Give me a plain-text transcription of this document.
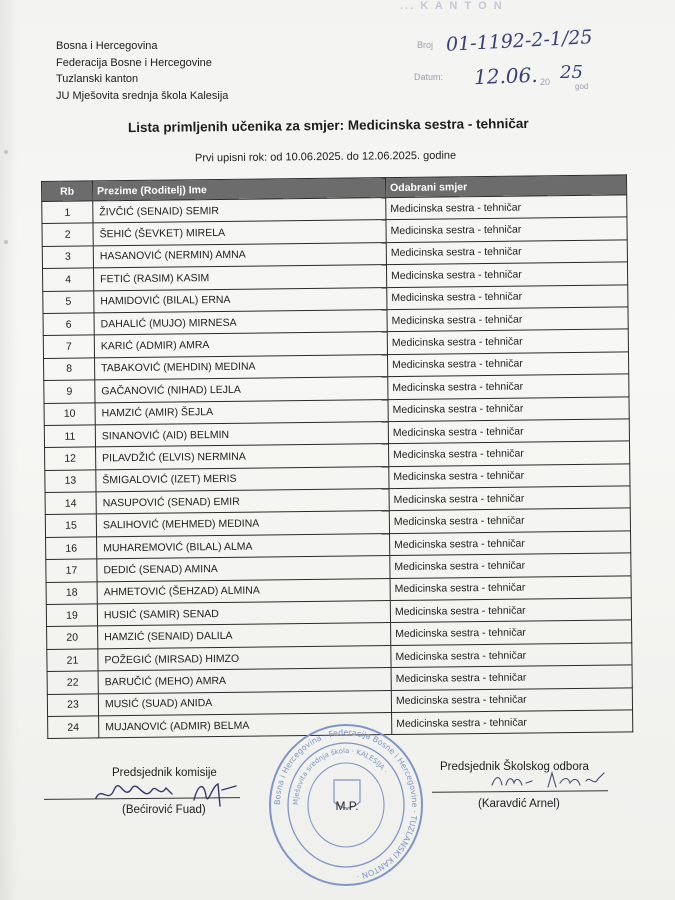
... K A N T O N
Bosna i Hercegovina
Federacija Bosne i Hercegovine
Tuzlanski kanton
JU Mješovita srednja škola Kalesija
Broj 01-1192-2-1/25
Datum: 12.06. 20 25
god
Lista primljenih učenika za smjer: Medicinska sestra - tehničar
Prvi upisni rok: od 10.06.2025. do 12.06.2025. godine
Rb	Prezime (Roditelj) Ime	Odabrani smjer
1	ŽIVČIĆ (SENAID) SEMIR	Medicinska sestra - tehničar
2	ŠEHIĆ (ŠEVKET) MIRELA	Medicinska sestra - tehničar
3	HASANOVIĆ (NERMIN) AMNA	Medicinska sestra - tehničar
4	FETIĆ (RASIM) KASIM	Medicinska sestra - tehničar
5	HAMIDOVIĆ (BILAL) ERNA	Medicinska sestra - tehničar
6	DAHALIĆ (MUJO) MIRNESA	Medicinska sestra - tehničar
7	KARIĆ (ADMIR) AMRA	Medicinska sestra - tehničar
8	TABAKOVIĆ (MEHDIN) MEDINA	Medicinska sestra - tehničar
9	GAČANOVIĆ (NIHAD) LEJLA	Medicinska sestra - tehničar
10	HAMZIĆ (AMIR) ŠEJLA	Medicinska sestra - tehničar
11	SINANOVIĆ (AID) BELMIN	Medicinska sestra - tehničar
12	PILAVDŽIĆ (ELVIS) NERMINA	Medicinska sestra - tehničar
13	ŠMIGALOVIĆ (IZET) MERIS	Medicinska sestra - tehničar
14	NASUPOVIĆ (SENAD) EMIR	Medicinska sestra - tehničar
15	SALIHOVIĆ (MEHMED) MEDINA	Medicinska sestra - tehničar
16	MUHAREMOVIĆ (BILAL) ALMA	Medicinska sestra - tehničar
17	DEDIĆ (SENAD) AMINA	Medicinska sestra - tehničar
18	AHMETOVIĆ (ŠEHZAD) ALMINA	Medicinska sestra - tehničar
19	HUSIĆ (SAMIR) SENAD	Medicinska sestra - tehničar
20	HAMZIĆ (SENAID) DALILA	Medicinska sestra - tehničar
21	POŽEGIĆ (MIRSAD) HIMZO	Medicinska sestra - tehničar
22	BARUČIĆ (MEHO) AMRA	Medicinska sestra - tehničar
23	MUSIĆ (SUAD) ANIDA	Medicinska sestra - tehničar
24	MUJANOVIĆ (ADMIR) BELMA	Medicinska sestra - tehničar
Bosna i Hercegovina · Federacija Bosne i Hercegovine · TUZLANSKI KANTON ·
Mješovita srednja škola · KALESIJA ·
M.P.
Predsjednik komisije
(Bećirović Fuad)
Predsjednik Školskog odbora
(Karavdić Arnel)
